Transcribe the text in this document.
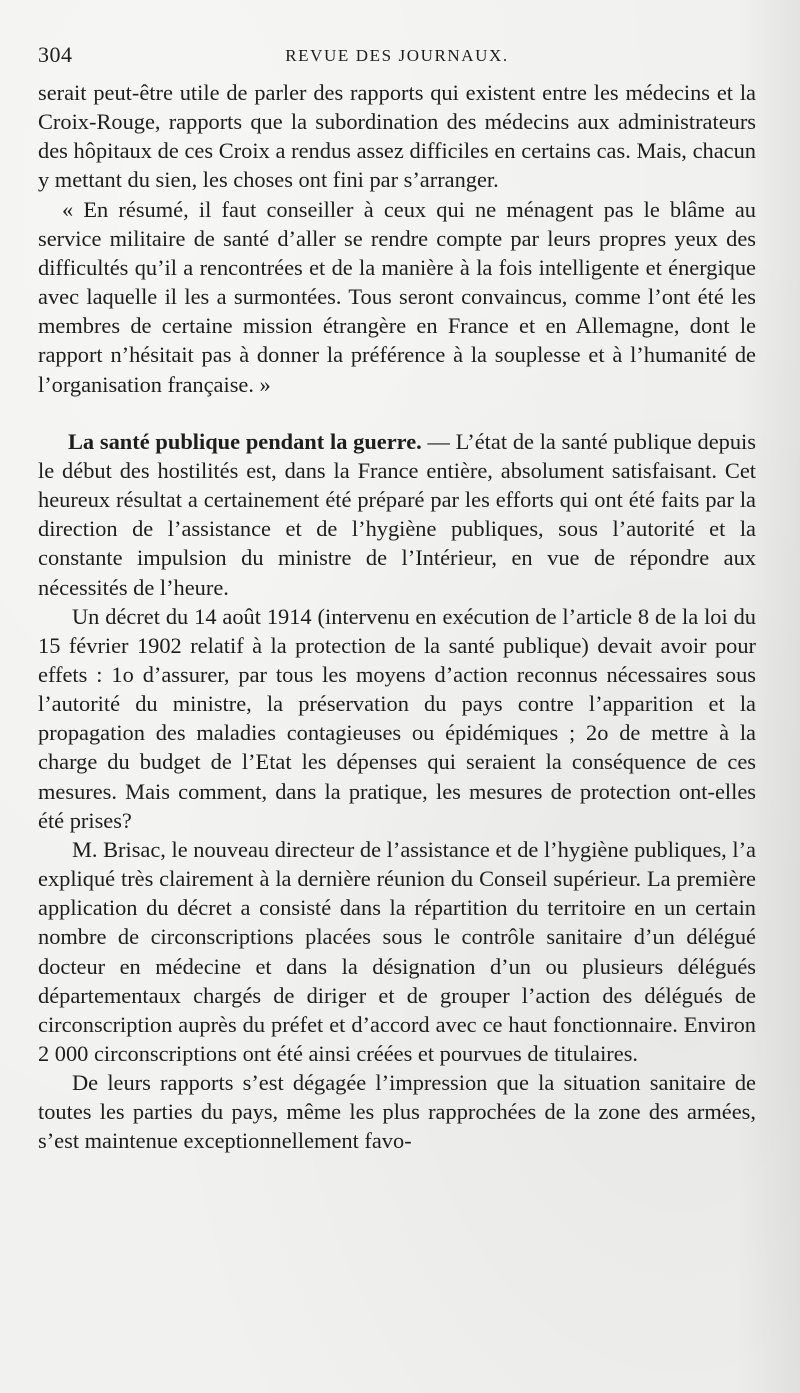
304	REVUE DES JOURNAUX.

serait peut-être utile de parler des rapports qui existent entre les médecins et la Croix-Rouge, rapports que la subordination des médecins aux administrateurs des hôpitaux de ces Croix a rendus assez difficiles en certains cas. Mais, chacun y mettant du sien, les choses ont fini par s’arranger.

« En résumé, il faut conseiller à ceux qui ne ménagent pas le blâme au service militaire de santé d’aller se rendre compte par leurs propres yeux des difficultés qu’il a rencontrées et de la manière à la fois intelligente et énergique avec laquelle il les a surmontées. Tous seront convaincus, comme l’ont été les membres de certaine mission étrangère en France et en Allemagne, dont le rapport n’hésitait pas à donner la préférence à la souplesse et à l’humanité de l’organisation française. »

La santé publique pendant la guerre. — L’état de la santé publique depuis le début des hostilités est, dans la France entière, absolument satisfaisant. Cet heureux résultat a certainement été préparé par les efforts qui ont été faits par la direction de l’assistance et de l’hygiène publiques, sous l’autorité et la constante impulsion du ministre de l’Intérieur, en vue de répondre aux nécessités de l’heure.

Un décret du 14 août 1914 (intervenu en exécution de l’article 8 de la loi du 15 février 1902 relatif à la protection de la santé publique) devait avoir pour effets : 1o d’assurer, par tous les moyens d’action reconnus nécessaires sous l’autorité du ministre, la préservation du pays contre l’apparition et la propagation des maladies contagieuses ou épidémiques ; 2o de mettre à la charge du budget de l’Etat les dépenses qui seraient la conséquence de ces mesures. Mais comment, dans la pratique, les mesures de protection ont-elles été prises?

M. Brisac, le nouveau directeur de l’assistance et de l’hygiène publiques, l’a expliqué très clairement à la dernière réunion du Conseil supérieur. La première application du décret a consisté dans la répartition du territoire en un certain nombre de circonscriptions placées sous le contrôle sanitaire d’un délégué docteur en médecine et dans la désignation d’un ou plusieurs délégués départementaux chargés de diriger et de grouper l’action des délégués de circonscription auprès du préfet et d’accord avec ce haut fonctionnaire. Environ 2 000 circonscriptions ont été ainsi créées et pourvues de titulaires.

De leurs rapports s’est dégagée l’impression que la situation sanitaire de toutes les parties du pays, même les plus rapprochées de la zone des armées, s’est maintenue exceptionnellement favo-
